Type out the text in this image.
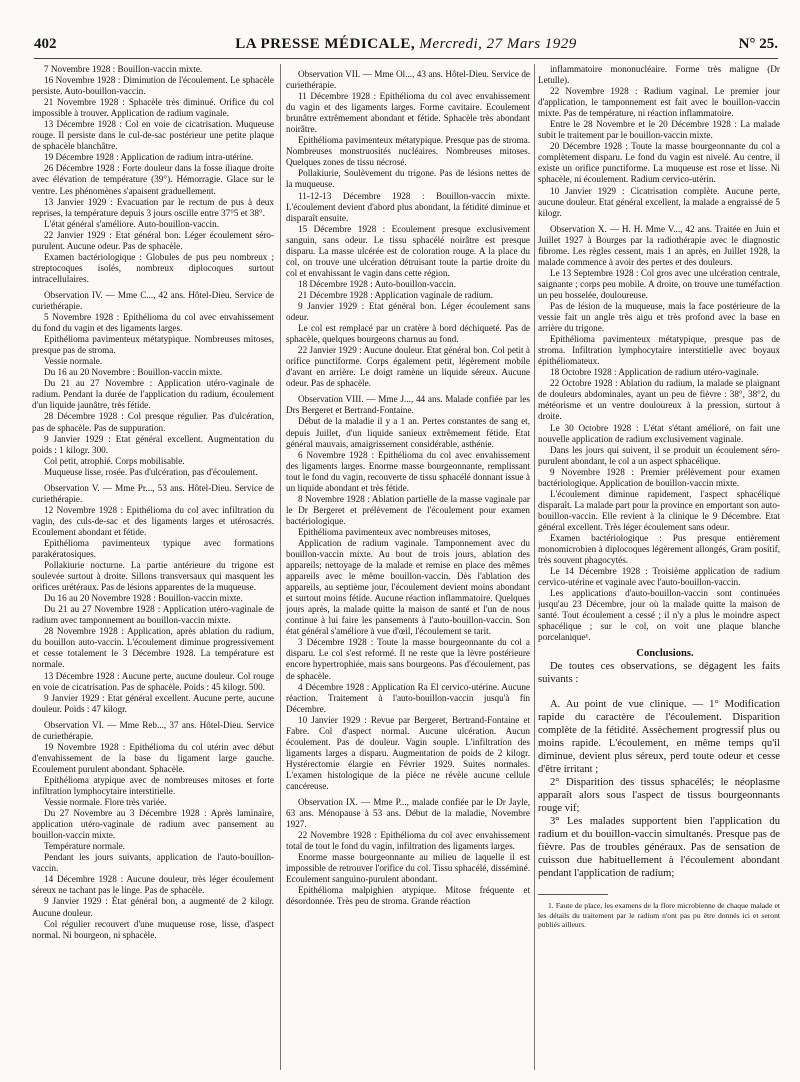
402	LA PRESSE MÉDICALE, Mercredi, 27 Mars 1929	N° 25.

7 Novembre 1928 : Bouillon-vaccin mixte.

16 Novembre 1928 : Diminution de l'écoulement. Le sphacèle persiste. Auto-bouillon-vaccin.

21 Novembre 1928 : Sphacèle très diminué. Orifice du col impossible à trouver. Application de radium vaginale.

13 Décembre 1928 : Col en voie de cicatrisation. Muqueuse rouge. Il persiste dans le cul-de-sac postérieur une petite plaque de sphacèle blanchâtre.

19 Décembre 1928 : Application de radium intra-utérine.

26 Décembre 1928 : Forte douleur dans la fosse iliaque droite avec élévation de température (39°). Hémorragie. Glace sur le ventre. Les phénomènes s'apaisent graduellement.

13 Janvier 1929 : Evacuation par le rectum de pus à deux reprises, la température depuis 3 jours oscille entre 37°5 et 38°.

L'état général s'améliore. Auto-bouillon-vaccin.

22 Janvier 1929 : Etat général bon. Léger écoulement séro-purulent. Aucune odeur. Pas de sphacèle.

Examen bactériologique : Globules de pus peu nombreux ; streptocoques isolés, nombreux diplocoques surtout intracellulaires.

Observation IV. — Mme C..., 42 ans. Hôtel-Dieu. Service de curiethérapie.

5 Novembre 1928 : Epithélioma du col avec envahissement du fond du vagin et des ligaments larges.

Epithélioma pavimenteux métatypique. Nombreuses mitoses, presque pas de stroma.

Vessie normale.

Du 16 au 20 Novembre : Bouillon-vaccin mixte.

Du 21 au 27 Novembre : Application utéro-vaginale de radium. Pendant la durée de l'application du radium, écoulement d'un liquide jaunâtre, très fétide.

28 Décembre 1928 : Col presque régulier. Pas d'ulcération, pas de sphacèle. Pas de suppuration.

9 Janvier 1929 : Etat général excellent. Augmentation du poids : 1 kilogr. 300.

Col petit, atrophié. Corps mobilisable.

Muqueuse lisse, rosée. Pas d'ulcération, pas d'écoulement.

Observation V. — Mme Pr..., 53 ans. Hôtel-Dieu. Service de curiethérapie.

12 Novembre 1928 : Epithélioma du col avec infiltration du vagin, des culs-de-sac et des ligaments larges et utérosacrés. Ecoulement abondant et fétide.

Epithélioma pavimenteux typique avec formations parakératosiques.

Pollakiurie nocturne. La partie antérieure du trigone est soulevée surtout à droite. Sillons transversaux qui masquent les orifices urétéraux. Pas de lésions apparentes de la muqueuse.

Du 16 au 20 Novembre 1928 : Bouillon-vaccin mixte.

Du 21 au 27 Novembre 1928 : Application utéro-vaginale de radium avec tamponnement au bouillon-vaccin mixte.

28 Novembre 1928 : Application, après ablation du radium, du bouillon auto-vaccin. L'écoulement diminue progressivement et cesse totalement le 3 Décembre 1928. La température est normale.

13 Décembre 1928 : Aucune perte, aucune douleur. Col rouge en voie de cicatrisation. Pas de sphacèle. Poids : 45 kilogr. 500.

9 Janvier 1929 : Etat général excellent. Aucune perte, aucune douleur. Poids : 47 kilogr.

Observation VI. — Mme Reb..., 37 ans. Hôtel-Dieu. Service de curiethérapie.

19 Novembre 1928 : Epithélioma du col utérin avec début d'envahissement de la base du ligament large gauche. Ecoulement purulent abondant. Sphacèle.

Epithélioma atypique avec de nombreuses mitoses et forte infiltration lymphocytaire interstitielle.

Vessie normale. Flore très variée.

Du 27 Novembre au 3 Décembre 1928 : Après laminaire, application utéro-vaginale de radium avec pansement au bouillon-vaccin mixte.

Température normale.

Pendant les jours suivants, application de l'auto-bouillon-vaccin.

14 Décembre 1928 : Aucune douleur, très léger écoulement séreux ne tachant pas le linge. Pas de sphacèle.

9 Janvier 1929 : État général bon, a augmenté de 2 kilogr. Aucune douleur.

Col régulier recouvert d'une muqueuse rose, lisse, d'aspect normal. Ni bourgeon, ni sphacèle.

Observation VII. — Mme Ol..., 43 ans. Hôtel-Dieu. Service de curiethérapie.

11 Décembre 1928 : Epithélioma du col avec envahissement du vagin et des ligaments larges. Forme cavitaire. Ecoulement brunâtre extrêmement abondant et fétide. Sphacèle très abondant noirâtre.

Epithélioma pavimenteux métatypique. Presque pas de stroma. Nombreuses monstruosités nucléaires. Nombreuses mitoses. Quelques zones de tissu nécrosé.

Pollakiurie, Soulèvement du trigone. Pas de lésions nettes de la muqueuse.

11-12-13 Décembre 1928 : Bouillon-vaccin mixte. L'écoulement devient d'abord plus abondant, la fétidité diminue et disparaît ensuite.

15 Décembre 1928 : Ecoulement presque exclusivement sanguin, sans odeur. Le tissu sphacélé noirâtre est presque disparu. La masse ulcérée est de coloration rouge. A la place du col, on trouve une ulcération détruisant toute la partie droite du col et envahissant le vagin dans cette région.

18 Décembre 1928 : Auto-bouillon-vaccin.

21 Décembre 1928 : Application vaginale de radium.

9 Janvier 1929 : Etat général bon. Léger écoulement sans odeur.

Le col est remplacé par un cratère à bord déchiqueté. Pas de sphacèle, quelques bourgeons charnus au fond.

22 Janvier 1929 : Aucune douleur. Etat général bon. Col petit à orifice punctiforme. Corps également petit, légèrement mobile d'avant en arrière. Le doigt ramène un liquide séreux. Aucune odeur. Pas de sphacèle.

Observation VIII. — Mme J..., 44 ans. Malade confiée par les Drs Bergeret et Bertrand-Fontaine.

Début de la maladie il y a 1 an. Pertes constantes de sang et, depuis Juillet, d'un liquide sanieux extrêmement fétide. Etat général mauvais, amaigrissement considérable, asthénie.

6 Novembre 1928 : Epithélioma du col avec envahissement des ligaments larges. Enorme masse bourgeonnante, remplissant tout le fond du vagin, recouverte de tissu sphacélé donnant issue à un liquide abondant et très fétide.

8 Novembre 1928 : Ablation partielle de la masse vaginale par le Dr Bergeret et prélèvement de l'écoulement pour examen bactériologique.

Epithélioma pavimenteux avec nombreuses mitoses,

Application de radium vaginale. Tamponnement avec du bouillon-vaccin mixte. Au bout de trois jours, ablation des appareils; nettoyage de la malade et remise en place des mêmes appareils avec le même bouillon-vaccin. Dès l'ablation des appareils, au septième jour, l'écoulement devient moins abondant et surtout moins fétide. Aucune réaction inflammatoire. Quelques jours après, la malade quitte la maison de santé et l'un de nous continue à lui faire les pansements à l'auto-bouillon-vaccin. Son état général s'améliore à vue d'œil, l'écoulement se tarit.

3 Décembre 1928 : Toute la masse bourgeonnante du col a disparu. Le col s'est reformé. Il ne reste que la lèvre postérieure encore hypertrophiée, mais sans bourgeons. Pas d'écoulement, pas de sphacèle.

4 Décembre 1928 : Application Ra El cervico-utérine. Aucune réaction. Traitement à l'auto-bouillon-vaccin jusqu'à fin Décembre.

10 Janvier 1929 : Revue par Bergeret, Bertrand-Fontaine et Fabre. Col d'aspect normal. Aucune ulcération. Aucun écoulement. Pas de douleur. Vagin souple. L'infiltration des ligaments larges a disparu. Augmentation de poids de 2 kilogr. Hystérectomie élargie en Février 1929. Suites normales. L'examen histologique de la pièce ne révèle aucune cellule cancéreuse.

Observation IX. — Mme P..., malade confiée par le Dr Jayle, 63 ans. Ménopause à 53 ans. Début de la maladie, Novembre 1927.

22 Novembre 1928 : Epithélioma du col avec envahissement total de tout le fond du vagin, infiltration des ligaments larges.

Enorme masse bourgeonnante au milieu de laquelle il est impossible de retrouver l'orifice du col. Tissu sphacélé, disséminé. Ecoulement sanguino-purulent abondant.

Epithélioma malpighien atypique. Mitose fréquente et désordonnée. Très peu de stroma. Grande réaction

inflammatoire mononucléaire. Forme très maligne (Dr Letulle).

22 Novembre 1928 : Radium vaginal. Le premier jour d'application, le tamponnement est fait avec le bouillon-vaccin mixte. Pas de température, ni réaction inflammatoire.

Entre le 28 Novembre et le 20 Décembre 1928 : La malade subit le traitement par le bouillon-vaccin mixte.

20 Décembre 1928 : Toute la masse bourgeonnante du col a complètement disparu. Le fond du vagin est nivelé. Au centre, il existe un orifice punctiforme. La muqueuse est rose et lisse. Ni sphacèle, ni écoulement. Radium cervico-utérin.

10 Janvier 1929 : Cicatrisation complète. Aucune perte, aucune douleur. Etat général excellent, la malade a engraissé de 5 kilogr.

Observation X. — H. H. Mme V..., 42 ans. Traitée en Juin et Juillet 1927 à Bourges par la radiothérapie avec le diagnostic fibrome. Les règles cessent, mais 1 an après, en Juillet 1928, la malade commence à avoir des pertes et des douleurs.

Le 13 Septembre 1928 : Col gros avec une ulcération centrale, saignante ; corps peu mobile. A droite, on trouve une tuméfaction un peu bosselée, douloureuse.

Pas de lésion de la muqueuse, mais la face postérieure de la vessie fait un angle très aigu et très profond avec la base en arrière du trigone.

Epithélioma pavimenteux métatypique, presque pas de stroma. Infiltration lymphocytaire interstitielle avec boyaux épithéliomateux.

18 Octobre 1928 : Application de radium utéro-vaginale.

22 Octobre 1928 : Ablation du radium, la malade se plaignant de douleurs abdominales, ayant un peu de fièvre : 38°, 38°2, du météorisme et un ventre douloureux à la pression, surtout à droite.

Le 30 Octobre 1928 : L'état s'étant amélioré, on fait une nouvelle application de radium exclusivement vaginale.

Dans les jours qui suivent, il se produit un écoulement séro-purulent abondant, le col a un aspect sphacélique.

9 Novembre 1928 : Premier prélèvement pour examen bactériologique. Application de bouillon-vaccin mixte.

L'écoulement diminue rapidement, l'aspect sphacélique disparaît. La malade part pour la province en emportant son auto-bouillon-vaccin. Elle revient à la clinique le 9 Décembre. Etat général excellent. Très léger écoulement sans odeur.

Examen bactériologique : Pus presque entièrement monomicrobien à diplocoques légèrement allongés, Gram positif, très souvent phagocytés.

Le 14 Décembre 1928 : Troisième application de radium cervico-utérine et vaginale avec l'auto-bouillon-vaccin.

Les applications d'auto-bouillon-vaccin sont continuées jusqu'au 23 Décembre, jour où la malade quitte la maison de santé. Tout écoulement a cessé ; il n'y a plus le moindre aspect sphacélique ; sur le col, on voit une plaque blanche porcelanique¹.

Conclusions.

De toutes ces observations, se dégagent les faits suivants :

A. Au point de vue clinique. — 1° Modification rapide du caractère de l'écoulement. Disparition complète de la fétidité. Assèchement progressif plus ou moins rapide. L'écoulement, en même temps qu'il diminue, devient plus séreux, perd toute odeur et cesse d'être irritant ;

2° Disparition des tissus sphacélés; le néoplasme apparaît alors sous l'aspect de tissus bourgeonnants rouge vif;

3° Les malades supportent bien l'application du radium et du bouillon-vaccin simultanés. Presque pas de fièvre. Pas de troubles généraux. Pas de sensation de cuisson due habituellement à l'écoulement abondant pendant l'application de radium;

1. Faute de place, les examens de la flore microbienne de chaque malade et les détails du traitement par le radium n'ont pas pu être donnés ici et seront publiés ailleurs.
